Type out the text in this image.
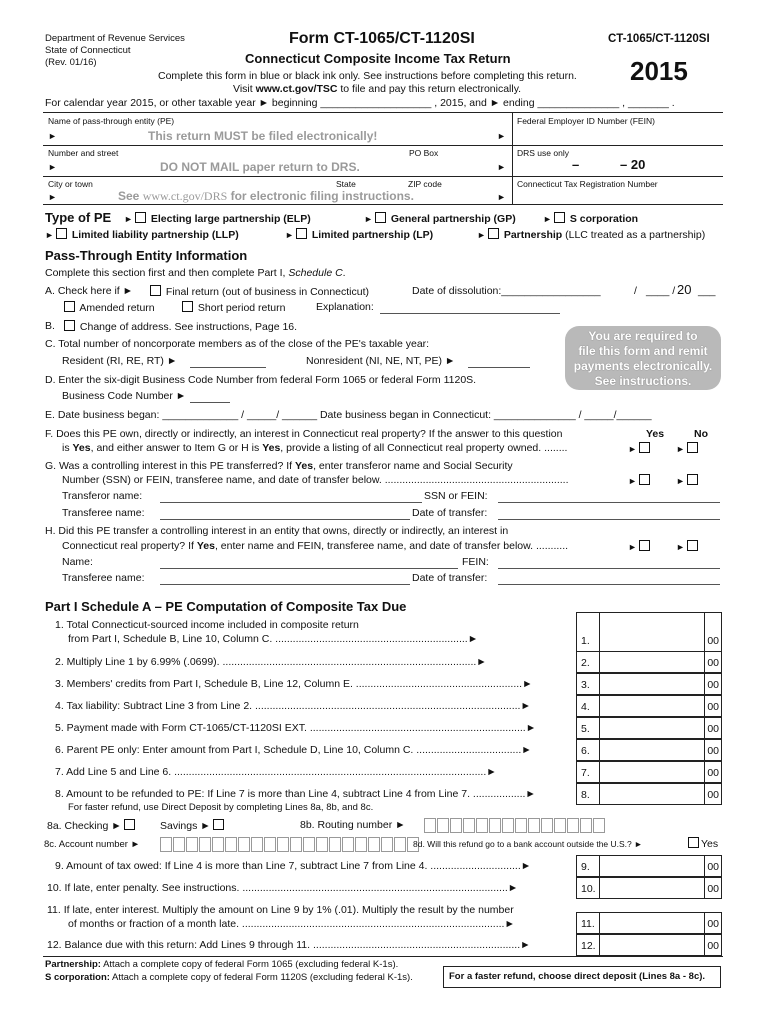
Department of Revenue Services
State of Connecticut
(Rev. 01/16)
Form CT-1065/CT-1120SI
Connecticut Composite Income Tax Return
CT-1065/CT-1120SI
2015
Complete this form in blue or black ink only. See instructions before completing this return.
Visit www.ct.gov/TSC to file and pay this return electronically.
For calendar year 2015, or other taxable year ► beginning ___________________ , 2015, and ► ending ______________ , _______ .
Name of pass-through entity (PE)	Federal Employer ID Number (FEIN)
►	This return MUST be filed electronically!	►
Number and street	PO Box	DRS use only
►	DO NOT MAIL paper return to DRS.	►	–	– 20
City or town	State	ZIP code	Connecticut Tax Registration Number
►	See www.ct.gov/DRS for electronic filing instructions.	►
Type of PE ► Electing large partnership (ELP)	► General partnership (GP)	► S corporation
► Limited liability partnership (LLP)	► Limited partnership (LP)	► Partnership (LLC treated as a partnership)
Pass-Through Entity Information
Complete this section first and then complete Part I, Schedule C.
A. Check here if ►	Final return (out of business in Connecticut)	Date of dissolution:_________________	/ ____ / 20 ___
Amended return	Short period return	Explanation:
B.	Change of address. See instructions, Page 16.
C. Total number of noncorporate members as of the close of the PE's taxable year:
Resident (RI, RE, RT) ►	Nonresident (NI, NE, NT, PE) ►
You are required to
file this form and remit
payments electronically.
See instructions.
D. Enter the six-digit Business Code Number from federal Form 1065 or federal Form 1120S.
Business Code Number ►
E. Date business began: _____________ / _____/ ______ Date business began in Connecticut: ______________ / _____/______
Yes	No
F. Does this PE own, directly or indirectly, an interest in Connecticut real property? If the answer to this question
is Yes, and either answer to Item G or H is Yes, provide a listing of all Connecticut real property owned. ........	►	►
G. Was a controlling interest in this PE transferred? If Yes, enter transferor name and Social Security
Number (SSN) or FEIN, transferee name, and date of transfer below. ...............................................................	►	►
Transferor name:	SSN or FEIN:
Transferee name:	Date of transfer:
H. Did this PE transfer a controlling interest in an entity that owns, directly or indirectly, an interest in
Connecticut real property? If Yes, enter name and FEIN, transferee name, and date of transfer below. ...........	►	►
Name:	FEIN:
Transferee name:	Date of transfer:
Part I Schedule A – PE Computation of Composite Tax Due
1. Total Connecticut-sourced income included in composite return
from Part I, Schedule B, Line 10, Column C. ..................................................................►	1.	00
2. Multiply Line 1 by 6.99% (.0699). .......................................................................................►	2.	00
3. Members' credits from Part I, Schedule B, Line 12, Column E. .........................................................►	3.	00
4. Tax liability: Subtract Line 3 from Line 2. ...........................................................................................►	4.	00
5. Payment made with Form CT-1065/CT-1120SI EXT. ..........................................................................►	5.	00
6. Parent PE only: Enter amount from Part I, Schedule D, Line 10, Column C. ....................................►	6.	00
7. Add Line 5 and Line 6. ...........................................................................................................►	7.	00
8. Amount to be refunded to PE: If Line 7 is more than Line 4, subtract Line 4 from Line 7. ..................►
For faster refund, use Direct Deposit by completing Lines 8a, 8b, and 8c.
8.	00
8a. Checking ►	Savings ►	8b. Routing number ►
8c. Account number ►	8d. Will this refund go to a bank account outside the U.S.? ►	Yes
9. Amount of tax owed: If Line 4 is more than Line 7, subtract Line 7 from Line 4. ...............................►	9.	00
10. If late, enter penalty. See instructions. ...........................................................................................►	10.	00
11. If late, enter interest. Multiply the amount on Line 9 by 1% (.01). Multiply the result by the number
of months or fraction of a month late. ..........................................................................................►	11.	00
12. Balance due with this return: Add Lines 9 through 11. .......................................................................►	12.	00
Partnership: Attach a complete copy of federal Form 1065 (excluding federal K-1s).
S corporation: Attach a complete copy of federal Form 1120S (excluding federal K-1s).	For a faster refund, choose direct deposit (Lines 8a - 8c).
